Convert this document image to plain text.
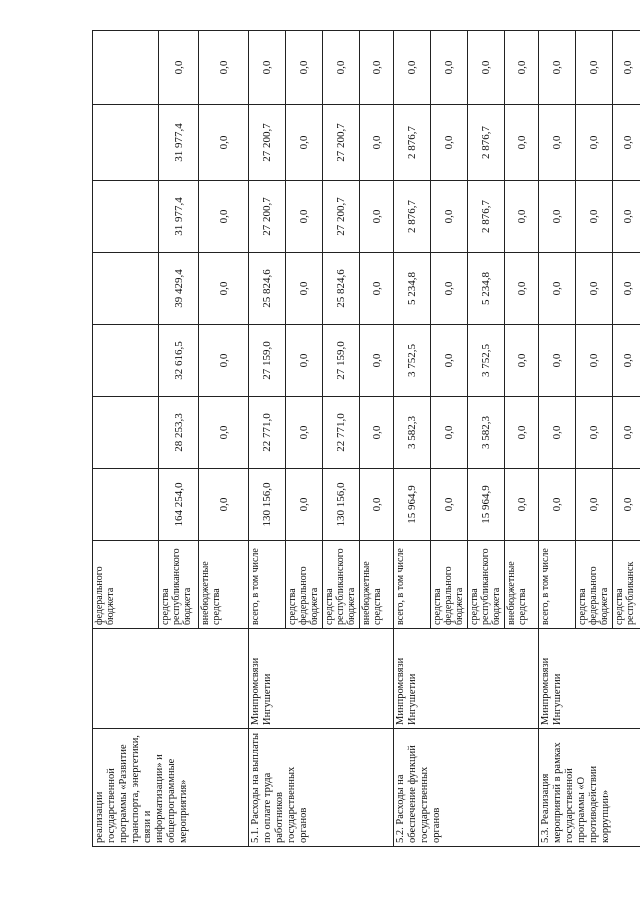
реализации государственной программы «Развитие транспорта, энергетики, связи и информатизации» и общепрограммные мероприятия»		федерального бюджета							
		средства республиканского бюджета	164 254,0	28 253,3	32 616,5	39 429,4	31 977,4	31 977,4	0,0
		внебюджетные средства	0,0	0,0	0,0	0,0	0,0	0,0	0,0
5.1. Расходы на выплаты по оплате труда работников государственных органов	Минпромсвязи Ингушетии	всего, в том числе	130 156,0	22 771,0	27 159,0	25 824,6	27 200,7	27 200,7	0,0
		средства федерального бюджета	0,0	0,0	0,0	0,0	0,0	0,0	0,0
		средства республиканского бюджета	130 156,0	22 771,0	27 159,0	25 824,6	27 200,7	27 200,7	0,0
		внебюджетные средства	0,0	0,0	0,0	0,0	0,0	0,0	0,0
5.2. Расходы на обеспечение функций государственных органов	Минпромсвязи Ингушетии	всего, в том числе	15 964,9	3 582,3	3 752,5	5 234,8	2 876,7	2 876,7	0,0
		средства федерального бюджета	0,0	0,0	0,0	0,0	0,0	0,0	0,0
		средства республиканского бюджета	15 964,9	3 582,3	3 752,5	5 234,8	2 876,7	2 876,7	0,0
		внебюджетные средства	0,0	0,0	0,0	0,0	0,0	0,0	0,0
5.3. Реализация мероприятий в рамках государственной программы «О противодействии коррупции»	Минпромсвязи Ингушетии	всего, в том числе	0,0	0,0	0,0	0,0	0,0	0,0	0,0
		средства федерального бюджета	0,0	0,0	0,0	0,0	0,0	0,0	0,0
		средства республиканск	0,0	0,0	0,0	0,0	0,0	0,0	0,0
